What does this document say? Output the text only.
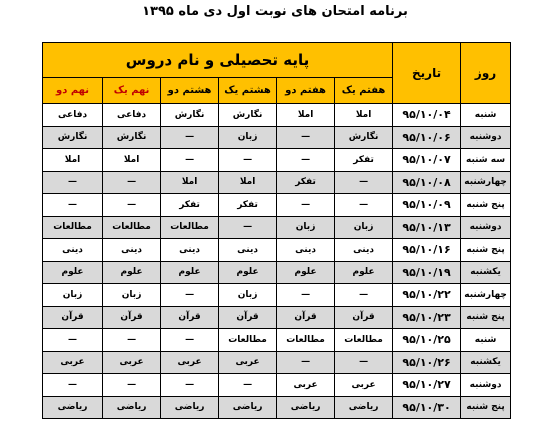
برنامه امتحان های نوبت اول دی ماه ۱۳۹۵
روز	تاریخ	پایه تحصیلی و نام دروس					
		هفتم یک	هفتم دو	هشتم یک	هشتم دو	نهم یک	نهم دو
شنبه	۹۵/۱۰/۰۴	املا	املا	نگارش	نگارش	دفاعی	دفاعی
دوشنبه	۹۵/۱۰/۰۶	نگارش	—	زبان	—	نگارش	نگارش
سه شنبه	۹۵/۱۰/۰۷	تفکر	—	—	—	املا	املا
چهارشنبه	۹۵/۱۰/۰۸	—	تفکر	املا	املا	—	—
پنج شنبه	۹۵/۱۰/۰۹	—	—	تفکر	تفکر	—	—
دوشنبه	۹۵/۱۰/۱۳	زبان	زبان	—	مطالعات	مطالعات	مطالعات
پنج شنبه	۹۵/۱۰/۱۶	دینی	دینی	دینی	دینی	دینی	دینی
یکشنبه	۹۵/۱۰/۱۹	علوم	علوم	علوم	علوم	علوم	علوم
چهارشنبه	۹۵/۱۰/۲۲	—	—	زبان	—	زبان	زبان
پنج شنبه	۹۵/۱۰/۲۳	قرآن	قرآن	قرآن	قرآن	قرآن	قرآن
شنبه	۹۵/۱۰/۲۵	مطالعات	مطالعات	مطالعات	—	—	—
یکشنبه	۹۵/۱۰/۲۶	—	—	عربی	عربی	عربی	عربی
دوشنبه	۹۵/۱۰/۲۷	عربی	عربی	—	—	—	—
پنج شنبه	۹۵/۱۰/۳۰	ریاضی	ریاضی	ریاضی	ریاضی	ریاضی	ریاضی
